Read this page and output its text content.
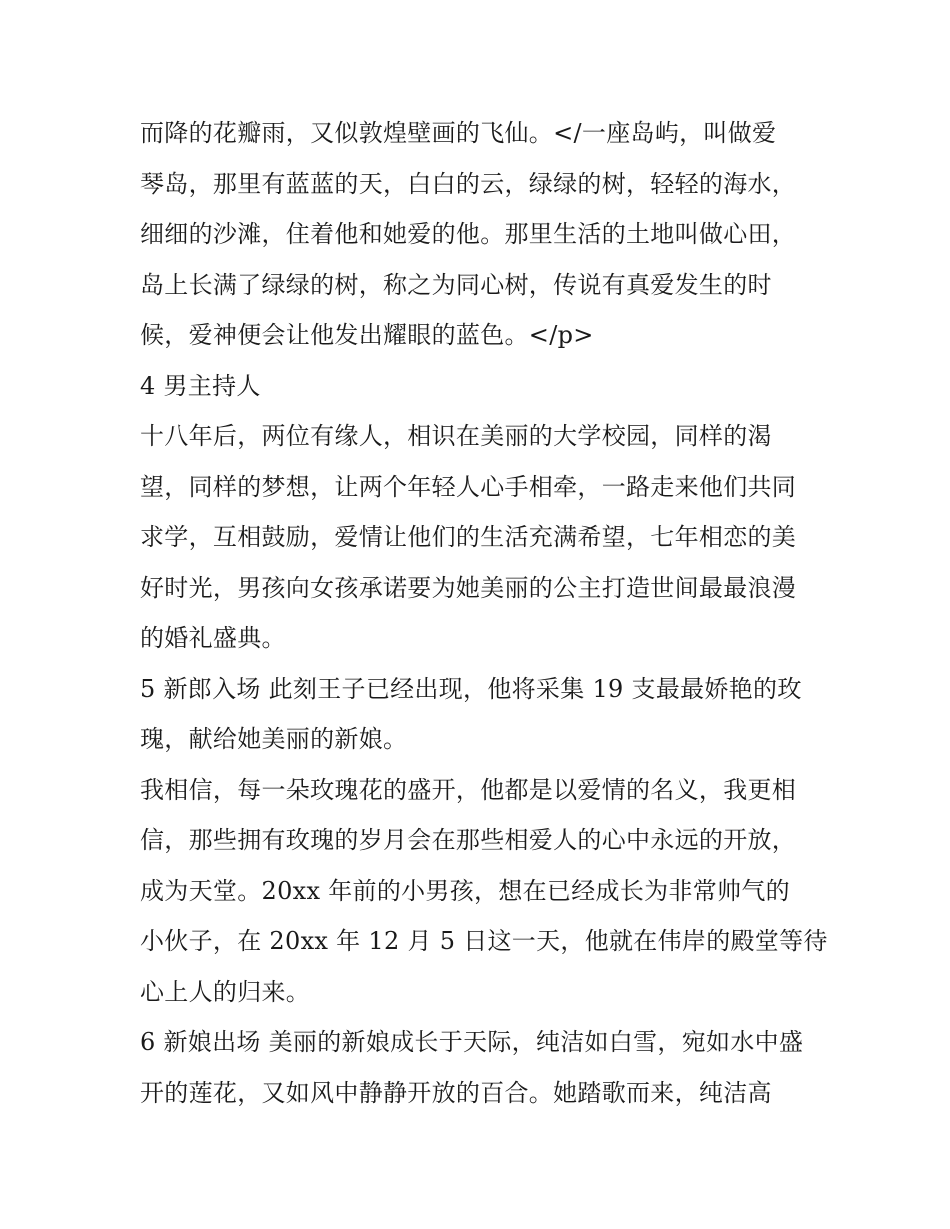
而降的花瓣雨，又似敦煌壁画的飞仙。</一座岛屿，叫做爱
琴岛，那里有蓝蓝的天，白白的云，绿绿的树，轻轻的海水，
细细的沙滩，住着他和她爱的他。那里生活的土地叫做心田，
岛上长满了绿绿的树，称之为同心树，传说有真爱发生的时
候，爱神便会让他发出耀眼的蓝色。</p>
4 男主持人
十八年后，两位有缘人，相识在美丽的大学校园，同样的渴
望，同样的梦想，让两个年轻人心手相牵，一路走来他们共同
求学，互相鼓励，爱情让他们的生活充满希望，七年相恋的美
好时光，男孩向女孩承诺要为她美丽的公主打造世间最最浪漫
的婚礼盛典。
5 新郎入场 此刻王子已经出现，他将采集 19 支最最娇艳的玫
瑰，献给她美丽的新娘。
我相信，每一朵玫瑰花的盛开，他都是以爱情的名义，我更相
信，那些拥有玫瑰的岁月会在那些相爱人的心中永远的开放，
成为天堂。20xx 年前的小男孩，想在已经成长为非常帅气的
小伙子，在 20xx 年 12 月 5 日这一天，他就在伟岸的殿堂等待
心上人的归来。
6 新娘出场 美丽的新娘成长于天际，纯洁如白雪，宛如水中盛
开的莲花，又如风中静静开放的百合。她踏歌而来，纯洁高
